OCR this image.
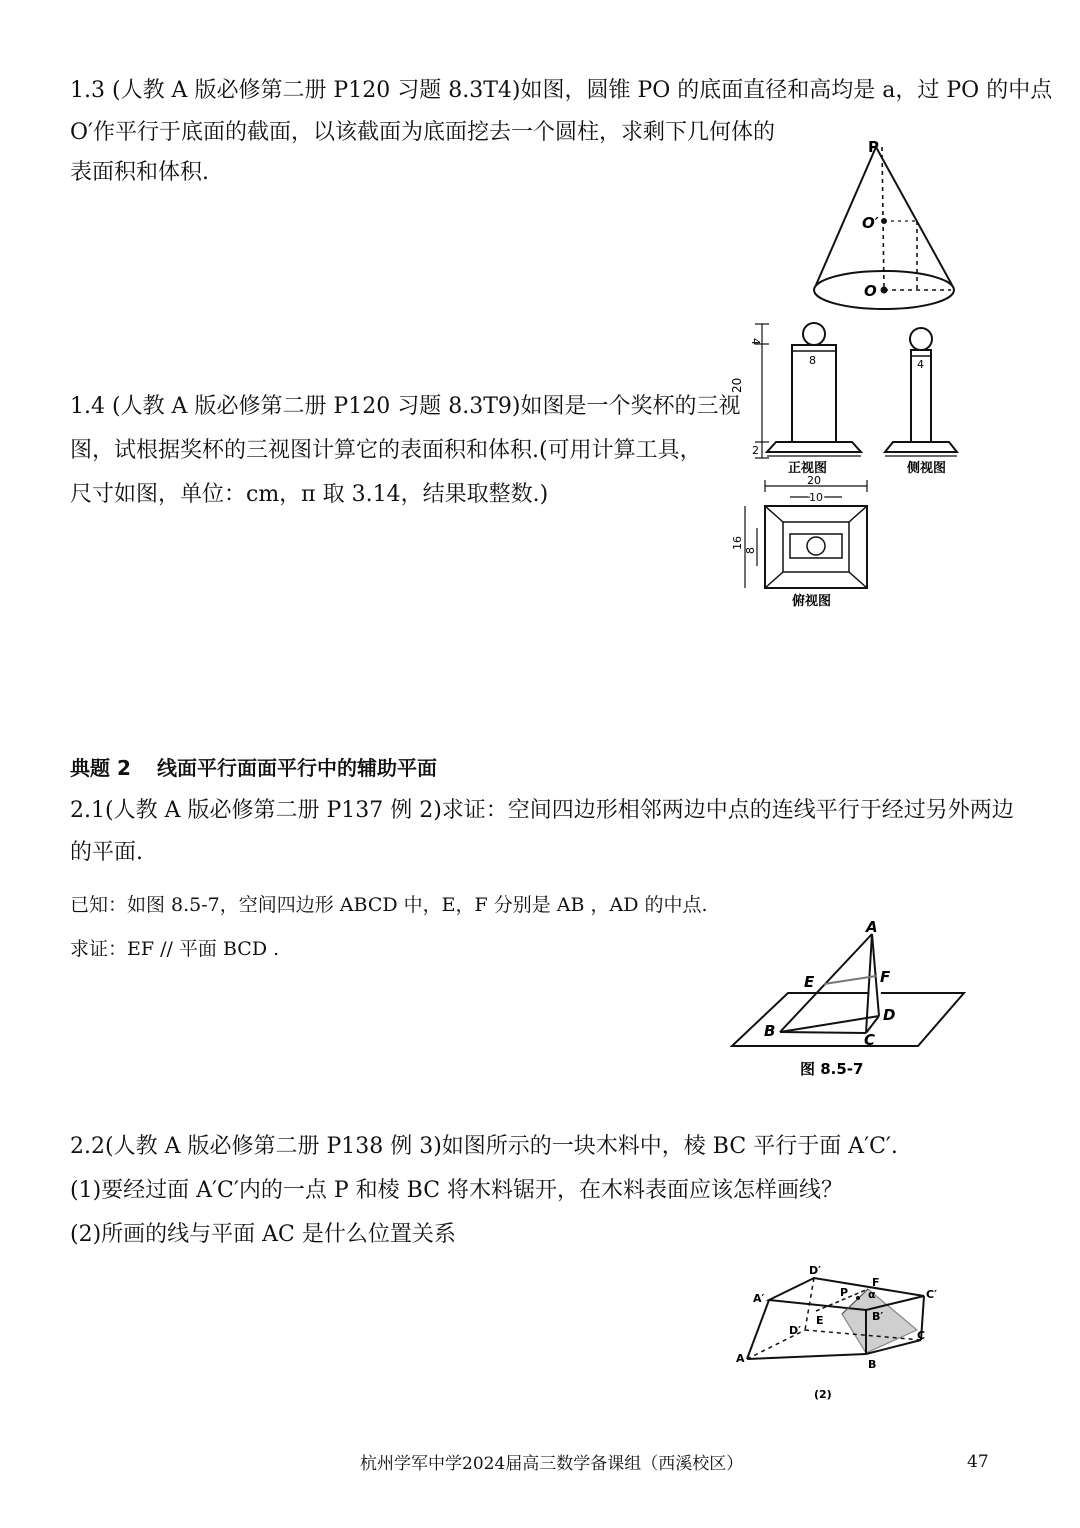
1.3 (人教 A 版必修第二册 P120 习题 8.3T4)如图，圆锥 PO 的底面直径和高均是 a，过 PO 的中点
O′作平行于底面的截面，以该截面为底面挖去一个圆柱，求剩下几何体的
表面积和体积.
P
O′
O
1.4 (人教 A 版必修第二册 P120 习题 8.3T9)如图是一个奖杯的三视
图，试根据奖杯的三视图计算它的表面积和体积.(可用计算工具，
尺寸如图，单位：cm，π 取 3.14，结果取整数.)
4
20
2
8
正视图
4
侧视图
20
10
16
8
俯视图
典题 2 线面平行面面平行中的辅助平面
2.1(人教 A 版必修第二册 P137 例 2)求证：空间四边形相邻两边中点的连线平行于经过另外两边
的平面.
已知：如图 8.5-7，空间四边形 ABCD 中，E，F 分别是 AB ，AD 的中点.
求证：EF // 平面 BCD .
A
E	F
B	C
D
图 8.5-7
2.2(人教 A 版必修第二册 P138 例 3)如图所示的一块木料中，棱 BC 平行于面 A′C′.
(1)要经过面 A′C′内的一点 P 和棱 BC 将木料锯开，在木料表面应该怎样画线？
(2)所画的线与平面 AC 是什么位置关系
D′
A′	P
F
α	C′
B′
E
D′	C
A	B
(2)
杭州学军中学2024届高三数学备课组（西溪校区）	47
